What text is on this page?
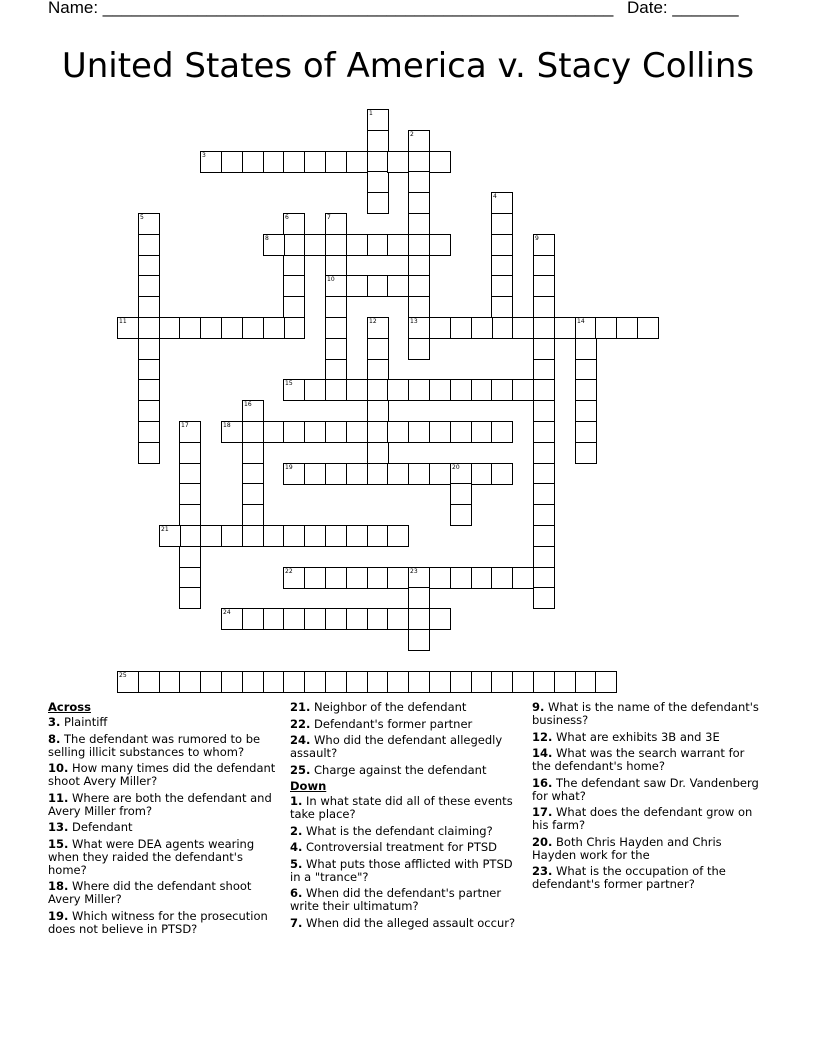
Name: ______________________________________________________ Date: _______
United States of America v. Stacy Collins
1
2
13
3
4
5	6	7
10
8	9
11	12	14
15
16
17	18
19	20
21
22	23
24
25
Across
3. Plaintiff
8. The defendant was rumored to be selling illicit substances to whom?
10. How many times did the defendant shoot Avery Miller?
11. Where are both the defendant and Avery Miller from?
13. Defendant
15. What were DEA agents wearing when they raided the defendant's home?
18. Where did the defendant shoot Avery Miller?
19. Which witness for the prosecution does not believe in PTSD?
21. Neighbor of the defendant
22. Defendant's former partner
24. Who did the defendant allegedly assault?
25. Charge against the defendant
Down
1. In what state did all of these events take place?
2. What is the defendant claiming?
4. Controversial treatment for PTSD
5. What puts those afflicted with PTSD in a "trance"?
6. When did the defendant's partner write their ultimatum?
7. When did the alleged assault occur?
9. What is the name of the defendant's business?
12. What are exhibits 3B and 3E
14. What was the search warrant for the defendant's home?
16. The defendant saw Dr. Vandenberg for what?
17. What does the defendant grow on his farm?
20. Both Chris Hayden and Chris Hayden work for the
23. What is the occupation of the defendant's former partner?
